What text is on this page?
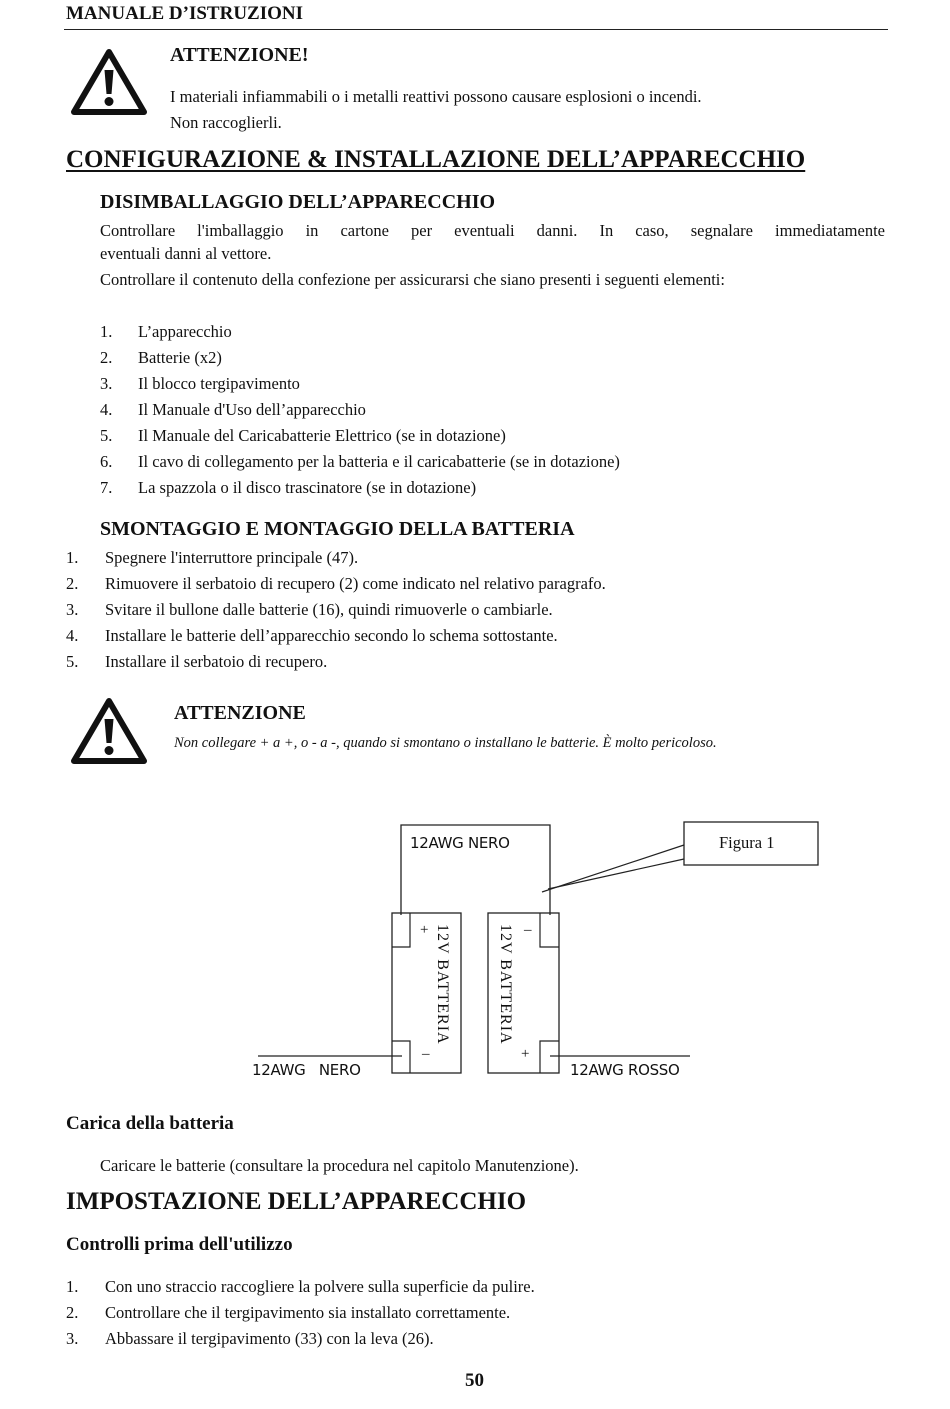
MANUALE D’ISTRUZIONI
ATTENZIONE!
I materiali infiammabili o i metalli reattivi possono causare esplosioni o incendi.
Non raccoglierli.
CONFIGURAZIONE & INSTALLAZIONE DELL’APPARECCHIO
DISIMBALLAGGIO DELL’APPARECCHIO
Controllare l'imballaggio in cartone per eventuali danni. In caso, segnalare immediatamente
eventuali danni al vettore.
Controllare il contenuto della confezione per assicurarsi che siano presenti i seguenti elementi:
1. L’apparecchio
2. Batterie (x2)
3. Il blocco tergipavimento
4. Il Manuale d'Uso dell’apparecchio
5. Il Manuale del Caricabatterie Elettrico (se in dotazione)
6. Il cavo di collegamento per la batteria e il caricabatterie (se in dotazione)
7. La spazzola o il disco trascinatore (se in dotazione)
SMONTAGGIO E MONTAGGIO DELLA BATTERIA
1. Spegnere l'interruttore principale (47).
2. Rimuovere il serbatoio di recupero (2) come indicato nel relativo paragrafo.
3. Svitare il bullone dalle batterie (16), quindi rimuoverle o cambiarle.
4. Installare le batterie dell’apparecchio secondo lo schema sottostante.
5. Installare il serbatoio di recupero.
ATTENZIONE
Non collegare + a +, o - a -, quando si smontano o installano le batterie. È molto pericoloso.
12AWG NERO	Figura 1
12AWG   NERO	12AWG ROSSO
+
–
12V BATTERIA	–
+
12V BATTERIA
Carica della batteria
Caricare le batterie (consultare la procedura nel capitolo Manutenzione).
IMPOSTAZIONE DELL’APPARECCHIO
Controlli prima dell'utilizzo
1. Con uno straccio raccogliere la polvere sulla superficie da pulire.
2. Controllare che il tergipavimento sia installato correttamente.
3. Abbassare il tergipavimento (33) con la leva (26).
50
